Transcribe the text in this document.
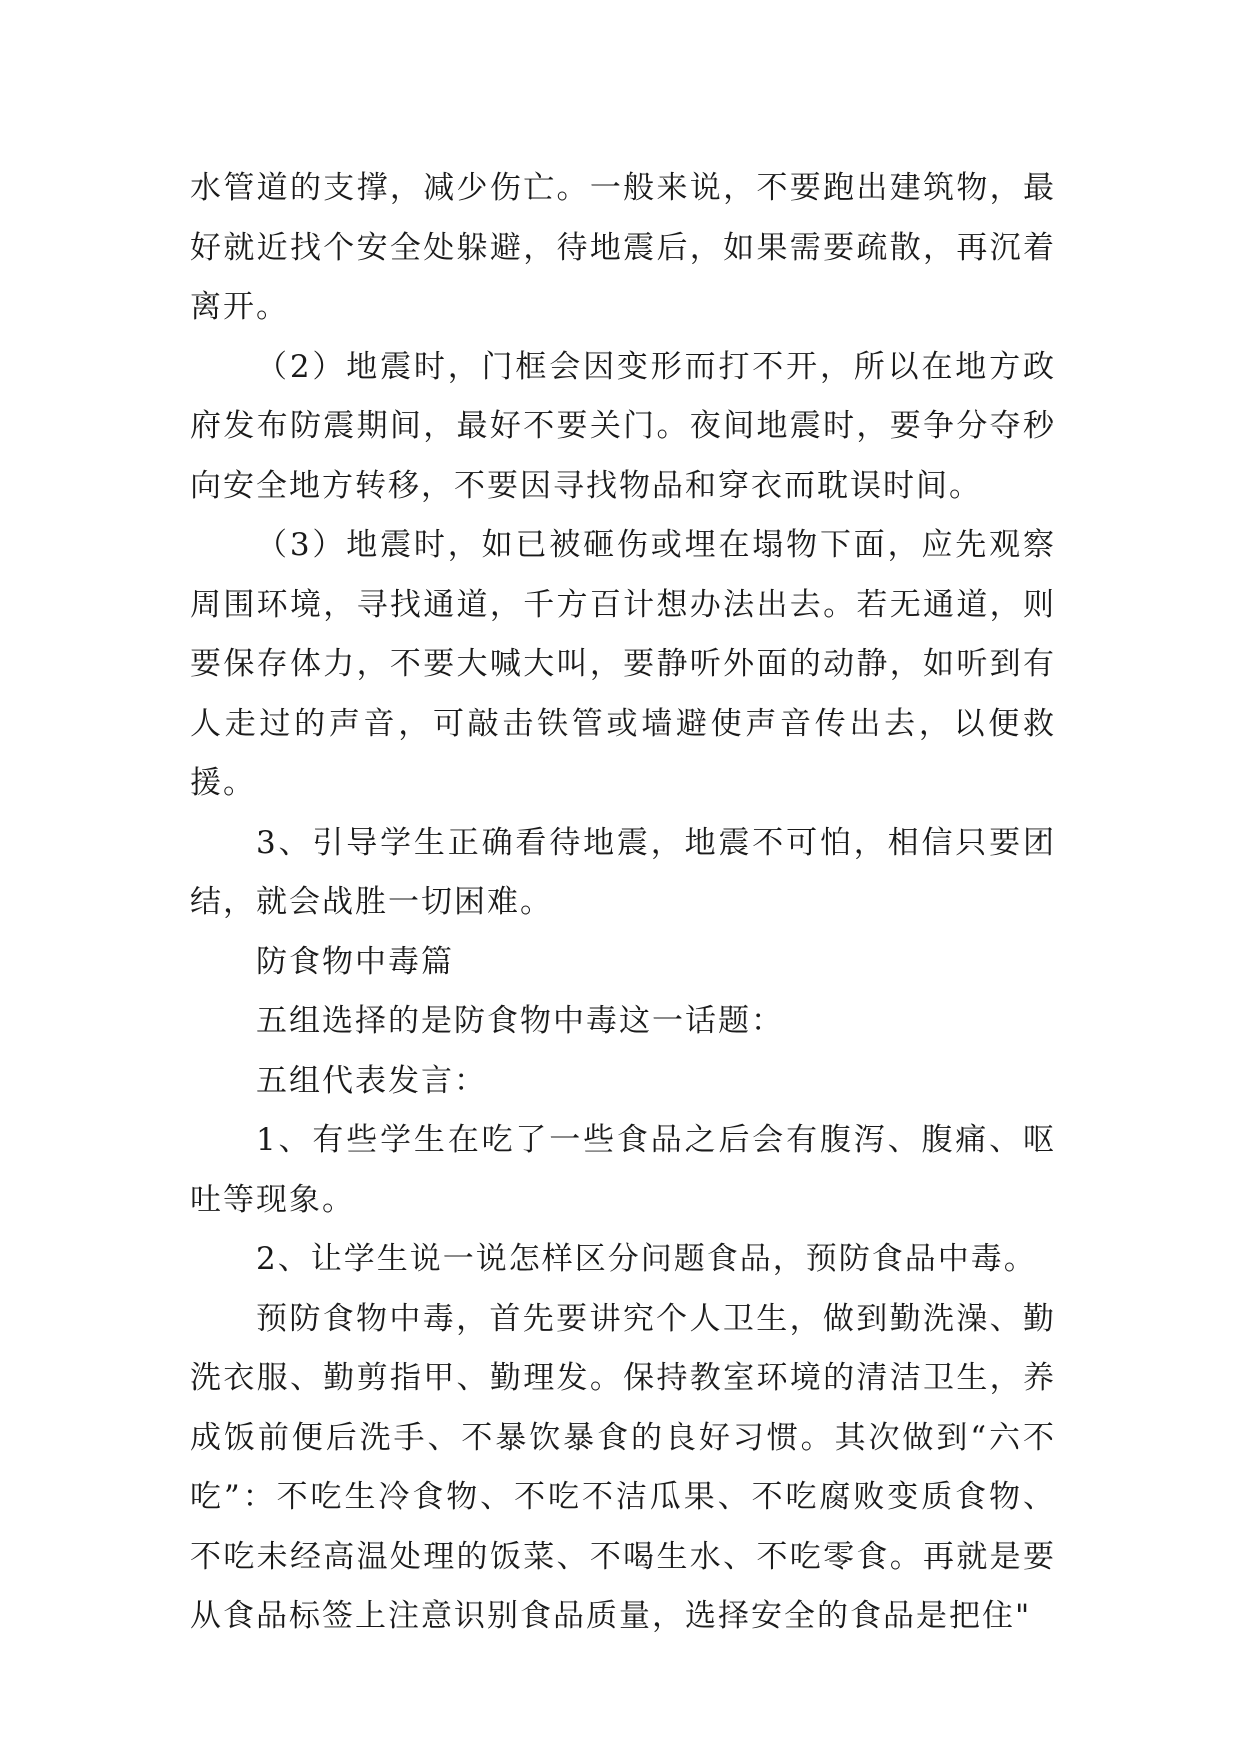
水管道的支撑，减少伤亡。一般来说，不要跑出建筑物，最好就近找个安全处躲避，待地震后，如果需要疏散，再沉着离开。

（2）地震时，门框会因变形而打不开，所以在地方政府发布防震期间，最好不要关门。夜间地震时，要争分夺秒向安全地方转移，不要因寻找物品和穿衣而耽误时间。

（3）地震时，如已被砸伤或埋在塌物下面，应先观察周围环境，寻找通道，千方百计想办法出去。若无通道，则要保存体力，不要大喊大叫，要静听外面的动静，如听到有人走过的声音，可敲击铁管或墙避使声音传出去，以便救援。

3、引导学生正确看待地震，地震不可怕，相信只要团结，就会战胜一切困难。

防食物中毒篇

五组选择的是防食物中毒这一话题：

五组代表发言：

1、有些学生在吃了一些食品之后会有腹泻、腹痛、呕吐等现象。

2、让学生说一说怎样区分问题食品，预防食品中毒。

预防食物中毒，首先要讲究个人卫生，做到勤洗澡、勤洗衣服、勤剪指甲、勤理发。保持教室环境的清洁卫生，养成饭前便后洗手、不暴饮暴食的良好习惯。其次做到“六不吃”：不吃生冷食物、不吃不洁瓜果、不吃腐败变质食物、不吃未经高温处理的饭菜、不喝生水、不吃零食。再就是要从食品标签上注意识别食品质量，选择安全的食品是把住"
